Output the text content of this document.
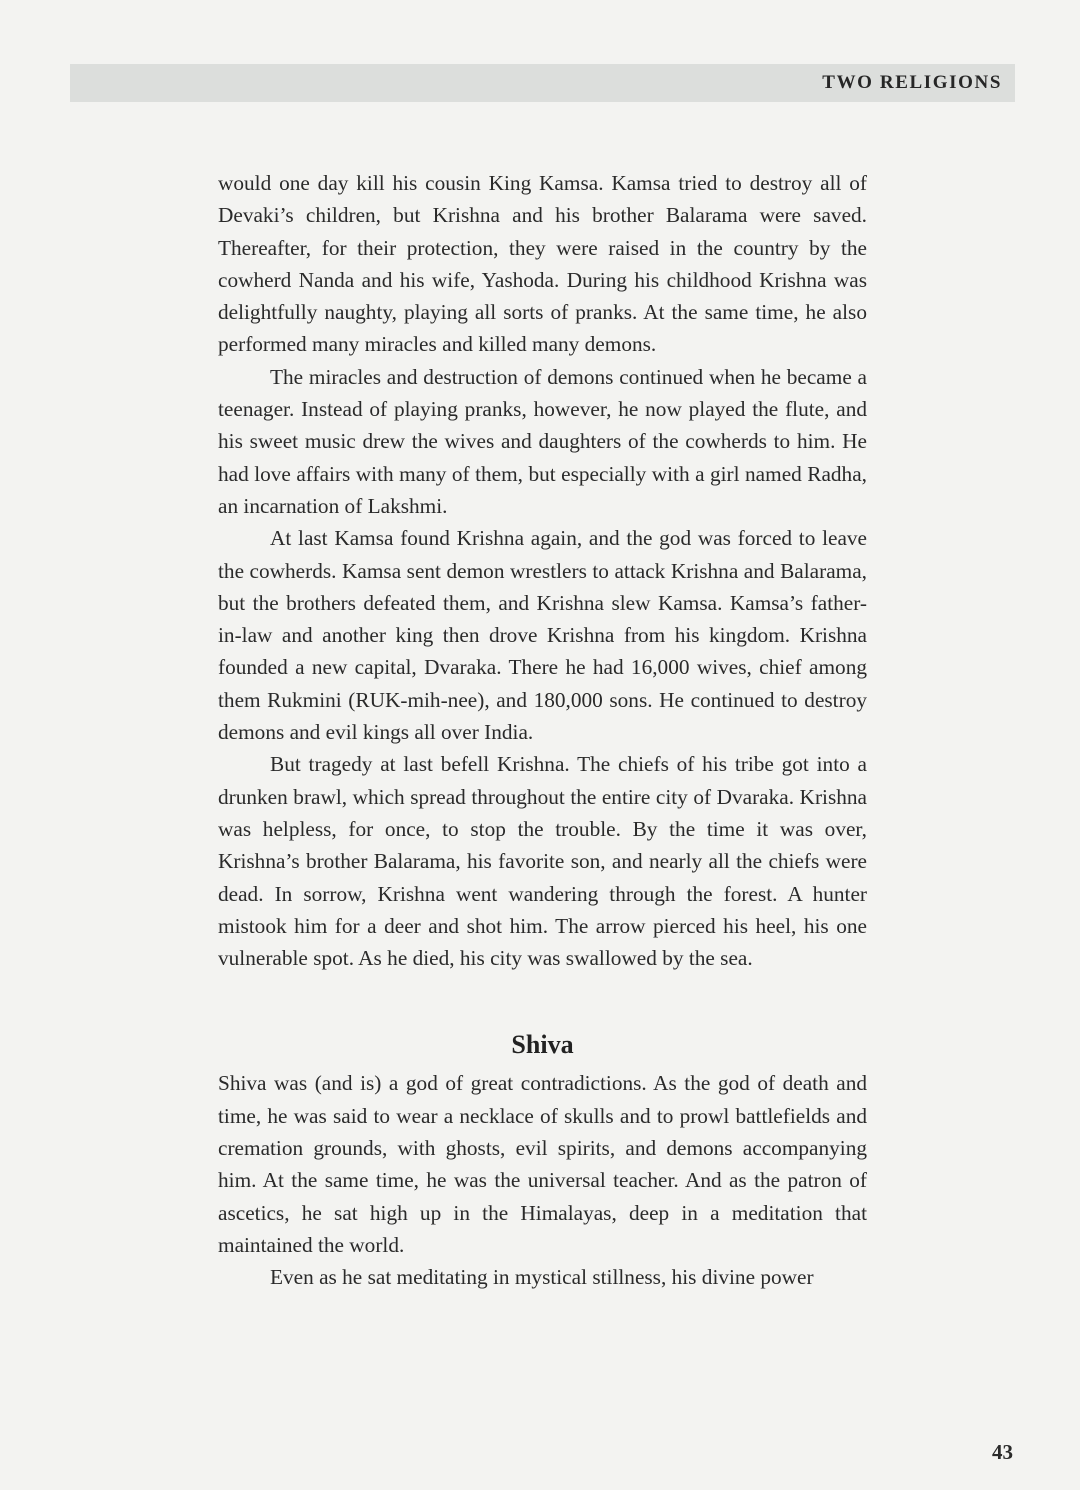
TWO RELIGIONS

would one day kill his cousin King Kamsa. Kamsa tried to destroy all of Devaki’s children, but Krishna and his brother Balarama were saved. Thereafter, for their protection, they were raised in the country by the cowherd Nanda and his wife, Yashoda. During his childhood Krishna was delightfully naughty, playing all sorts of pranks. At the same time, he also performed many miracles and killed many demons.

The miracles and destruction of demons continued when he became a teenager. Instead of playing pranks, however, he now played the flute, and his sweet music drew the wives and daughters of the cowherds to him. He had love affairs with many of them, but especially with a girl named Radha, an incarnation of Lakshmi.

At last Kamsa found Krishna again, and the god was forced to leave the cowherds. Kamsa sent demon wrestlers to attack Krishna and Balarama, but the brothers defeated them, and Krishna slew Kamsa. Kamsa’s father-in-law and another king then drove Krishna from his kingdom. Krishna founded a new capital, Dvaraka. There he had 16,000 wives, chief among them Rukmini (RUK-mih-nee), and 180,000 sons. He continued to destroy demons and evil kings all over India.

But tragedy at last befell Krishna. The chiefs of his tribe got into a drunken brawl, which spread throughout the entire city of Dvaraka. Krishna was helpless, for once, to stop the trouble. By the time it was over, Krishna’s brother Balarama, his favorite son, and nearly all the chiefs were dead. In sorrow, Krishna went wandering through the forest. A hunter mistook him for a deer and shot him. The arrow pierced his heel, his one vulnerable spot. As he died, his city was swallowed by the sea.

Shiva

Shiva was (and is) a god of great contradictions. As the god of death and time, he was said to wear a necklace of skulls and to prowl battlefields and cremation grounds, with ghosts, evil spirits, and demons accompanying him. At the same time, he was the universal teacher. And as the patron of ascetics, he sat high up in the Himalayas, deep in a meditation that maintained the world.

Even as he sat meditating in mystical stillness, his divine power

43
